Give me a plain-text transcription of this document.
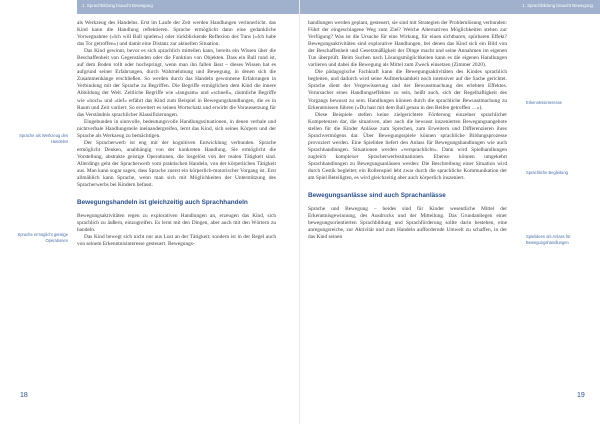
1. Sprachbildung braucht Bewegung
Sprache als Werkzeug des Handelns
Sprache ermöglicht geistige Operationen

als Werkzeug des Handelns. Erst im Laufe der Zeit werden Handlungen verinnerlicht. das Kind kann die Handlung reflektieren. Sprache ermöglicht dann eine gedankliche Vorwegnahme (»Ich will Ball spielen«) oder rückblickende Reflexion des Tuns (»Ich habe das Tor getroffen«) und damit eine Distanz zur aktuellen Situation.

Das Kind gewinnt, bevor es sich sprachlich mitteilen kann, bereits ein Wissen über die Beschaffenheit von Gegenständen oder die Funktion von Objekten. Dass ein Ball rund ist, auf dem Boden rollt oder hochspringt, wenn man ihn fallen lässt – dieses Wissen hat es aufgrund seiner Erfahrungen, durch Wahrnehmung und Bewegung, in denen sich die Zusammenhänge erschließen. So werden durch das Handeln gewonnene Erfahrungen in Verbindung mit der Sprache zu Begriffen. Die Begriffe ermöglichen dem Kind die innere Abbildung der Welt. Zeitliche Begriffe wie »langsam« und »schnell«, räumliche Begriffe wie »hoch« und »tief« erfährt das Kind zum Beispiel in Bewegungshandlungen, die es in Raum und Zeit variiert. So erweitert es seinen Wortschatz und erwirbt die Voraussetzung für das Verständnis sprachlicher Klassifizierungen.

Eingebunden in sinnvolle, bedeutungsvolle Handlungssituationen, in denen verbale und nichtverbale Handlungsteile ineinandergreifen, lernt das Kind, sich seines Körpers und der Sprache als Werkzeug zu bemächtigen.

Der Spracherwerb ist eng mit der kognitiven Entwicklung verbunden. Sprache ermöglicht Denken, unabhängig von der konkreten Handlung. Sie ermöglicht die Vorstellung, abstrakte geistige Operationen, die losgelöst von der realen Tätigkeit sind. Allerdings geht der Spracherwerb vom praktischen Handeln, von der körperlichen Tätigkeit aus. Man kann sogar sagen, dass Sprache zuerst ein körperlich-motorischer Vorgang ist. Erst allmählich kann Sprache, wenn man sich mit Möglichkeiten der Unterstützung des Spracherwerbs bei Kindern befasst.

Bewegungshandeln ist gleichzeitig auch Sprachhandeln

Bewegungsaktivitäten regen zu explorativen Handlungen an, erzeugen das Kind, sich sprachlich zu äußern, einzugreifen. Es lernt mit den Dingen, aber auch mit den Wörtern zu handeln.

Das Kind bewegt sich nicht nur aus Lust an der Tätigkeit; sondern ist in der Regel auch von seinem Erkenntnisinteresse gesteuert. Bewegungs-

18
1. Sprachbildung braucht Bewegung
Erkenntnisinteresse
Sprachliche Begleitung
Spielideen als Anlass für Bewegungshandlungen

handlungen werden geplant, gesteuert, sie sind mit Strategien der Problemlösung verbunden: Führt der eingeschlagene Weg zum Ziel? Welche Alternativen Möglichkeiten stehen zur Verfügung? Was ist die Ursache für eine Wirkung, für einen sichtbaren, spürbaren Effekt? Bewegungsaktivitäten sind explorative Handlungen, bei denen das Kind sich ein Bild von der Beschaffenheit und Gesetzmäßigkeit der Dinge macht und seine Annahmen im eigenen Tun überprüft. Beim Suchen nach Lösungsmöglichkeiten kann es die eigenen Handlungen variieren und dabei die Bewegung als Mittel zum Zweck einsetzen (Zimmer 2020).

Die pädagogische Fachkraft kann die Bewegungsaktivitäten des Kindes sprachlich begleiten, und dadurch wird seine Aufmerksamkeit noch intensiver auf die Sache gerichtet. Sprache dient der Vergewisserung und der Bewusstmachung des erlebten Effektes. Verursacher eines Handlungseffektes zu sein, heißt auch, sich der Regelhaftigkeit des Vorgangs bewusst zu sein. Handlungen können durch die sprachliche Bewusstmachung zu Erkenntnissen führen (»Du hast mit dem Ball genau in den Reifen getroffen …«).

Diese Beispiele stellen keine zielgerichtete Förderung einzelner sprachlicher Kompetenzen dar, die situativen, aber auch die bewusst inszenierten Bewegungsangebote stellen für die Kinder Anlässe zum Sprechen, zum Erweitern und Differenzieren ihres Sprachvermögens dar. Über Bewegungsspiele können sprachliche Bildungsprozesse provoziert werden. Eine Spielidee liefert den Anlass für Bewegungshandlungen wie auch Sprachhandlungen. Situationen werden »versprachlicht«. Dann wird Spielhandlungen zugleich komplexer Spracherwerbssituationen. Ebenso können umgekehrt Sprachhandlungen zu Bewegungsanlässen werden: Die Beschreibung einer Situation wird durch Gestik begleitet; ein Rollenspiel lebt zwar durch die sprachliche Kommunikation der am Spiel Beteiligten, es wird gleichzeitig aber auch körperlich inszeniert.

Bewegungsanlässe sind auch Sprachanlässe

Sprache und Bewegung – beides sind für Kinder wesentliche Mittel der Erkenntnisgewinnung, des Ausdrucks und der Mitteilung. Das Grundanliegen einer bewegungsorientierten Sprachbildung und Sprachförderung sollte darin bestehen, eine anregungsreiche, zur Aktivität und zum Handeln auffordernde Umwelt zu schaffen, in der das Kind seinen

19
